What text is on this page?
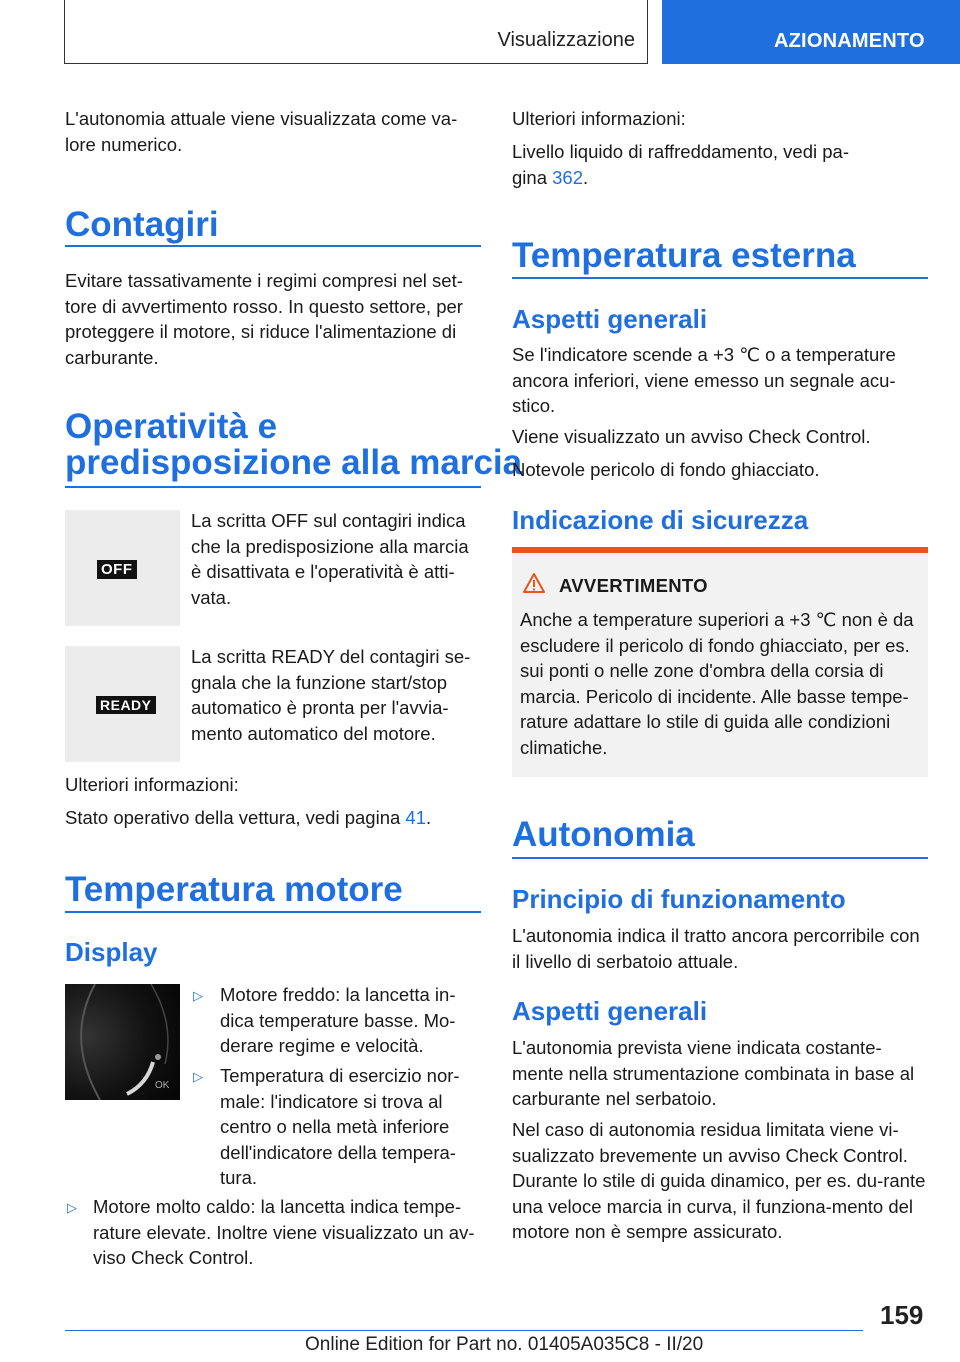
Visualizzazione	AZIONAMENTO

L'autonomia attuale viene visualizzata come va-lore numerico.

Contagiri

Evitare tassativamente i regimi compresi nel set-tore di avvertimento rosso. In questo settore, per proteggere il motore, si riduce l'alimentazione di carburante.

Operatività e
predisposizione alla marcia
OFF

La scritta OFF sul contagiri indica che la predisposizione alla marcia è disattivata e l'operatività è atti-vata.

READY

La scritta READY del contagiri se-gnala che la funzione start/stop automatico è pronta per l'avvia-mento automatico del motore.

Ulteriori informazioni:

Stato operativo della vettura, vedi pagina 41.

Temperatura motore
Display
OK
▷ Motore freddo: la lancetta in-dica temperature basse. Mo-derare regime e velocità.

▷ Temperatura di esercizio nor-male: l'indicatore si trova al centro o nella metà inferiore dell'indicatore della tempera-tura.

▷ Motore molto caldo: la lancetta indica tempe-rature elevate. Inoltre viene visualizzato un av-viso Check Control.

Ulteriori informazioni:

Livello liquido di raffreddamento, vedi pa-gina 362.

Temperatura esterna
Aspetti generali

Se l'indicatore scende a +3 ℃ o a temperature ancora inferiori, viene emesso un segnale acu-stico.

Viene visualizzato un avviso Check Control.

Notevole pericolo di fondo ghiacciato.

Indicazione di sicurezza
AVVERTIMENTO

Anche a temperature superiori a +3 ℃ non è da escludere il pericolo di fondo ghiacciato, per es. sui ponti o nelle zone d'ombra della corsia di marcia. Pericolo di incidente. Alle basse tempe-rature adattare lo stile di guida alle condizioni climatiche.

Autonomia
Principio di funzionamento

L'autonomia indica il tratto ancora percorribile con il livello di serbatoio attuale.

Aspetti generali

L'autonomia prevista viene indicata costante-mente nella strumentazione combinata in base al carburante nel serbatoio.

Nel caso di autonomia residua limitata viene vi-sualizzato brevemente un avviso Check Control. Durante lo stile di guida dinamico, per es. du-rante una veloce marcia in curva, il funziona-mento del motore non è sempre assicurato.

159
Online Edition for Part no. 01405A035C8 - II/20
